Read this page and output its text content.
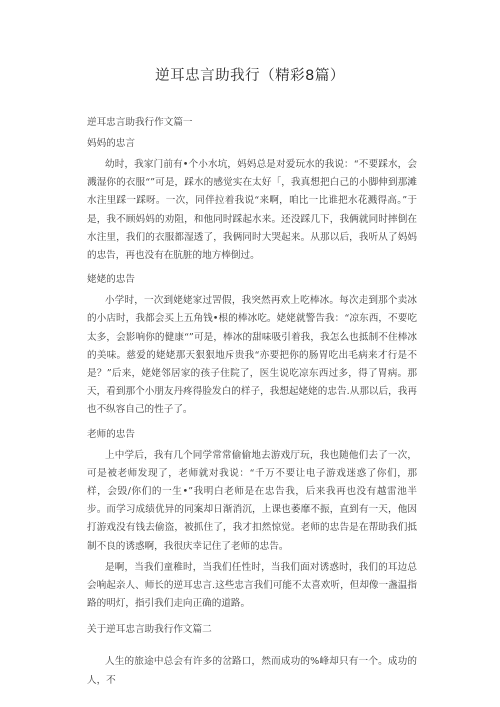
逆耳忠言助我行（精彩8篇）

逆耳忠言助我行作文篇一

妈妈的忠言

幼时，我家门前有•个小水坑，妈妈总是对爱玩水的我说：“不要踩水，会溅湿你的衣服“”可是，踩水的感觉实在太好「，我真想把白己的小脚伸到那滩水注里踩一踩呀。一次，同伴拉着我说“来啊，咱比一比谁把水花溅得高。”于是，我不顾妈妈的劝阻，和他同时踩起水来。还没踩几下，我俩就同时摔倒在水注里，我们的衣服都湿透了，我俩同时大哭起来。从那以后，我听从了妈妈的忠告，再也没有在肮脏的地方棒倒过。

姥姥的忠告

小学时，一次到姥姥家过罟假，我突然再欢上吃棒冰。每次走到那个卖冰的小店时，我都会买上五角钱•根的棒冰吃。姥姥就警告我：“凉东西，不要吃太多，会影响你的健康“”可是，棒冰的甜味吸引着我，我怎么也抵制不住棒冰的美味。慈爱的姥姥那天狠狠地斥贵我“亦要把你的肠胃吃出毛病来才行是不是？”后来，姥姥邻居家的孩子住院了，医生说吃凉东西过多，得了胃病。那天，看到那个小朋友丹疼得脸发白的样子，我想起姥姥的忠告.从那以后，我再也不纵容自己的性子了。

老师的忠告

上中学后，我有几个同学常常偷偷地去游戏厅玩，我也随他们去了一次，可是被老师发现了，老师就对我说：“千万不要让电子游戏迷惑了你们，那样，会毁/你们的一生•”我明白老师是在忠告我，后来我再也没有越雷池半步。而学习成绩优异的同案却日渐消沉，上课也萎靡不振，直到有一天，他因打游戏没有钱去偷盗，被抓住了，我才扣然惊觉。老师的忠告是在帮助我们抵制不良的诱惑啊，我很庆幸记住了老师的忠告。

是啊，当我们童稚时，当我们任性时，当我们面对诱惑时，我们的耳边总会响起亲人、师长的逆耳忠言.这些忠言我们可能不太喜欢听，但却像一盏温指路的明灯，指引我们走向正确的道路。

关于逆耳忠言助我行作文篇二

人生的旅途中总会有许多的岔路口，然而成功的%峰却只有一个。成功的人，不
